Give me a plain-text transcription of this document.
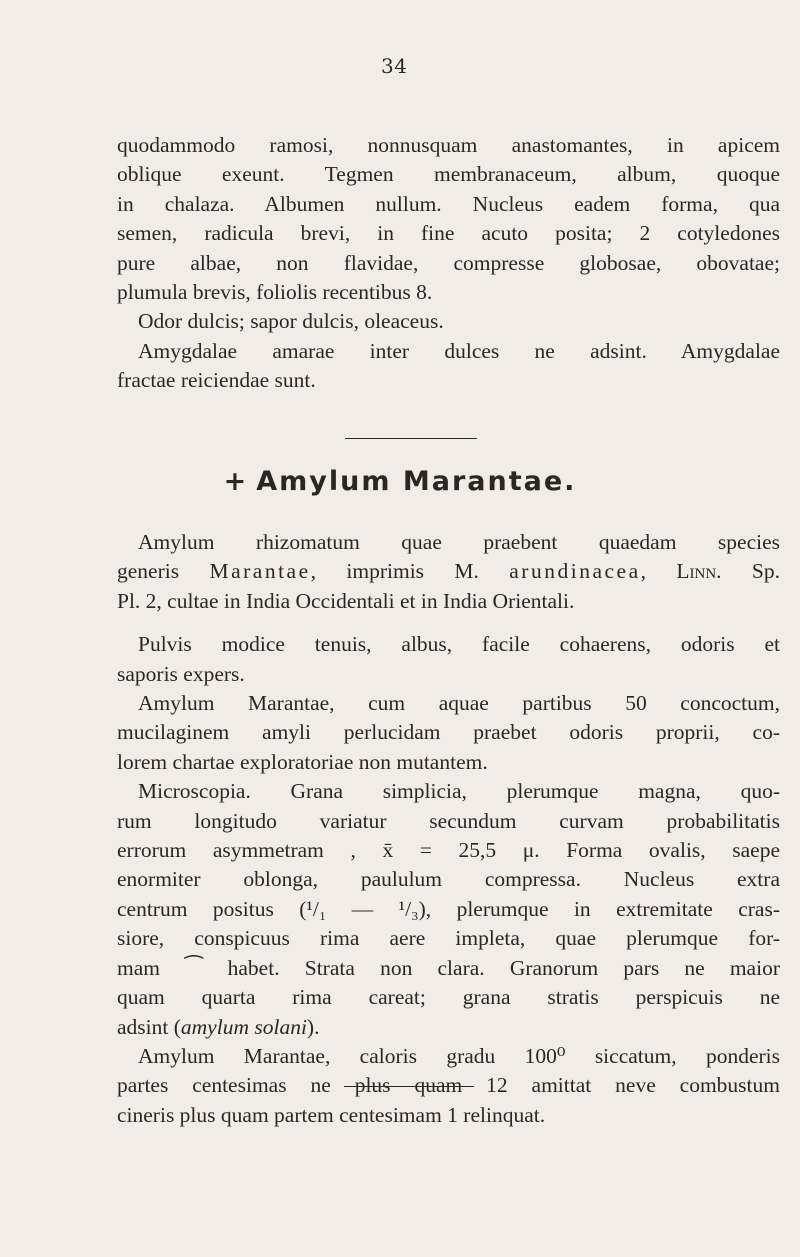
34
quodammodo ramosi, nonnusquam anastomantes, in apicem
oblique exeunt. Tegmen membranaceum, album, quoque
in chalaza. Albumen nullum. Nucleus eadem forma, qua
semen, radicula brevi, in fine acuto posita; 2 cotyledones
pure albae, non flavidae, compresse globosae, obovatae;
plumula brevis, foliolis recentibus 8.
Odor dulcis; sapor dulcis, oleaceus.
Amygdalae amarae inter dulces ne adsint. Amygdalae
fractae reiciendae sunt.
+ Amylum Marantae.
Amylum rhizomatum quae praebent quaedam species
generis Marantae, imprimis M. arundinacea, Linn. Sp.
Pl. 2, cultae in India Occidentali et in India Orientali.
Pulvis modice tenuis, albus, facile cohaerens, odoris et
saporis expers.
Amylum Marantae, cum aquae partibus 50 concoctum,
mucilaginem amyli perlucidam praebet odoris proprii, co-
lorem chartae exploratoriae non mutantem.
Microscopia. Grana simplicia, plerumque magna, quo-
rum longitudo variatur secundum curvam probabilitatis
errorum asymmetram , x̄ = 25,5 μ. Forma ovalis, saepe
enormiter oblonga, paululum compressa. Nucleus extra
centrum positus (¹/₁ — ¹/₃), plerumque in extremitate cras-
siore, conspicuus rima aere impleta, quae plerumque for-
mam ⁀ habet. Strata non clara. Granorum pars ne maior
quam quarta rima careat; grana stratis perspicuis ne
adsint (amylum solani).
Amylum Marantae, caloris gradu 100⁰ siccatum, ponderis
partes centesimas ne plus quam 12 amittat neve combustum
cineris plus quam partem centesimam 1 relinquat.
